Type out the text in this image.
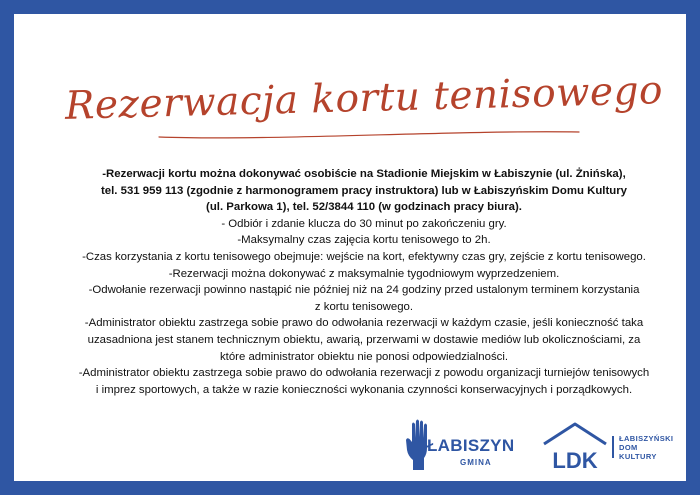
Rezerwacja kortu tenisowego

-Rezerwacji kortu można dokonywać osobiście na Stadionie Miejskim w Łabiszynie (ul. Żnińska),

tel. 531 959 113 (zgodnie z harmonogramem pracy instruktora) lub w Łabiszyńskim Domu Kultury

(ul. Parkowa 1), tel. 52/3844 110 (w godzinach pracy biura).

- Odbiór i zdanie klucza do 30 minut po zakończeniu gry.

-Maksymalny czas zajęcia kortu tenisowego to 2h.

-Czas korzystania z kortu tenisowego obejmuje: wejście na kort, efektywny czas gry, zejście z kortu tenisowego.

-Rezerwacji można dokonywać z maksymalnie tygodniowym wyprzedzeniem.

-Odwołanie rezerwacji powinno nastąpić nie później niż na 24 godziny przed ustalonym terminem korzystania

z kortu tenisowego.

-Administrator obiektu zastrzega sobie prawo do odwołania rezerwacji w każdym czasie, jeśli konieczność taka

uzasadniona jest stanem technicznym obiektu, awarią, przerwami w dostawie mediów lub okolicznościami, za

które administrator obiektu nie ponosi odpowiedzialności.

-Administrator obiektu zastrzega sobie prawo do odwołania rezerwacji z powodu organizacji turniejów tenisowych

i imprez sportowych, a także w razie konieczności wykonania czynności konserwacyjnych i porządkowych.

ŁABISZYN
GMINA	LDK
ŁABISZYŃSKI
DOM
KULTURY
